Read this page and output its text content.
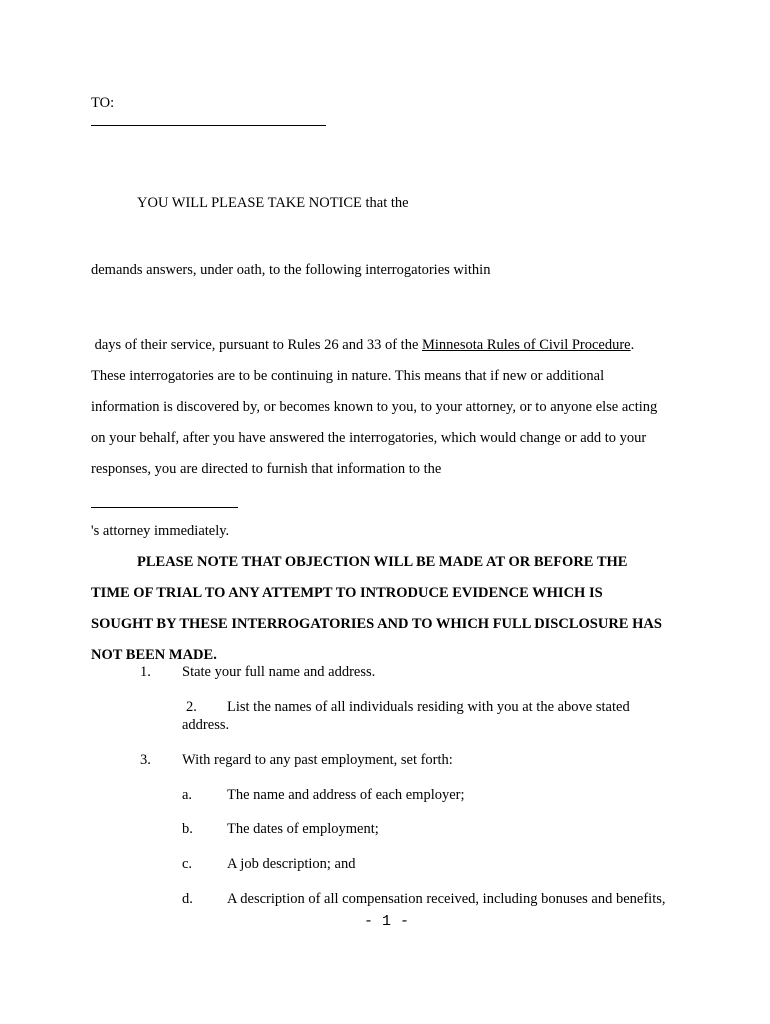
TO:
YOU WILL PLEASE TAKE NOTICE that the
demands answers, under oath, to the following interrogatories within
days of their service, pursuant to Rules 26 and 33 of the Minnesota Rules of Civil Procedure.
These interrogatories are to be continuing in nature. This means that if new or additional
information is discovered by, or becomes known to you, to your attorney, or to anyone else acting
on your behalf, after you have answered the interrogatories, which would change or add to your
responses, you are directed to furnish that information to the
's attorney immediately.
PLEASE NOTE THAT OBJECTION WILL BE MADE AT OR BEFORE THE
TIME OF TRIAL TO ANY ATTEMPT TO INTRODUCE EVIDENCE WHICH IS
SOUGHT BY THESE INTERROGATORIES AND TO WHICH FULL DISCLOSURE HAS
NOT BEEN MADE.
1. State your full name and address.
2. List the names of all individuals residing with you at the above stated
address.
3. With regard to any past employment, set forth:
a. The name and address of each employer;
b. The dates of employment;
c. A job description; and
d. A description of all compensation received, including bonuses and benefits,
- 1 -
